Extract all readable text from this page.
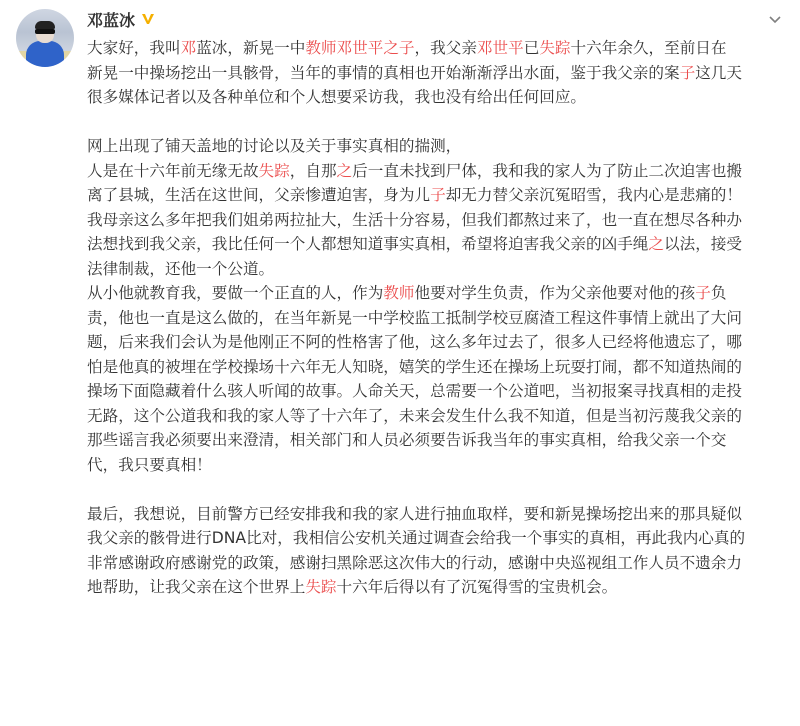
邓蓝冰

大家好，我叫邓蓝冰，新晃一中教师邓世平之子，我父亲邓世平已失踪十六年余久，至前日在

新晃一中操场挖出一具骸骨，当年的事情的真相也开始渐渐浮出水面，鉴于我父亲的案子这几天

很多媒体记者以及各种单位和个人想要采访我，我也没有给出任何回应。

网上出现了铺天盖地的讨论以及关于事实真相的揣测，

人是在十六年前无缘无故失踪，自那之后一直未找到尸体，我和我的家人为了防止二次迫害也搬

离了县城，生活在这世间，父亲惨遭迫害，身为儿子却无力替父亲沉冤昭雪，我内心是悲痛的！

我母亲这么多年把我们姐弟两拉扯大，生活十分容易，但我们都熬过来了，也一直在想尽各种办

法想找到我父亲，我比任何一个人都想知道事实真相，希望将迫害我父亲的凶手绳之以法，接受

法律制裁，还他一个公道。

从小他就教育我，要做一个正直的人，作为教师他要对学生负责，作为父亲他要对他的孩子负

责，他也一直是这么做的，在当年新晃一中学校监工抵制学校豆腐渣工程这件事情上就出了大问

题，后来我们会认为是他刚正不阿的性格害了他，这么多年过去了，很多人已经将他遗忘了，哪

怕是他真的被埋在学校操场十六年无人知晓，嬉笑的学生还在操场上玩耍打闹，都不知道热闹的

操场下面隐藏着什么骇人听闻的故事。人命关天，总需要一个公道吧，当初报案寻找真相的走投

无路，这个公道我和我的家人等了十六年了，未来会发生什么我不知道，但是当初污蔑我父亲的

那些谣言我必须要出来澄清，相关部门和人员必须要告诉我当年的事实真相，给我父亲一个交

代，我只要真相！

最后，我想说，目前警方已经安排我和我的家人进行抽血取样，要和新晃操场挖出来的那具疑似

我父亲的骸骨进行DNA比对，我相信公安机关通过调查会给我一个事实的真相，再此我内心真的

非常感谢政府感谢党的政策，感谢扫黑除恶这次伟大的行动，感谢中央巡视组工作人员不遗余力

地帮助，让我父亲在这个世界上失踪十六年后得以有了沉冤得雪的宝贵机会。
